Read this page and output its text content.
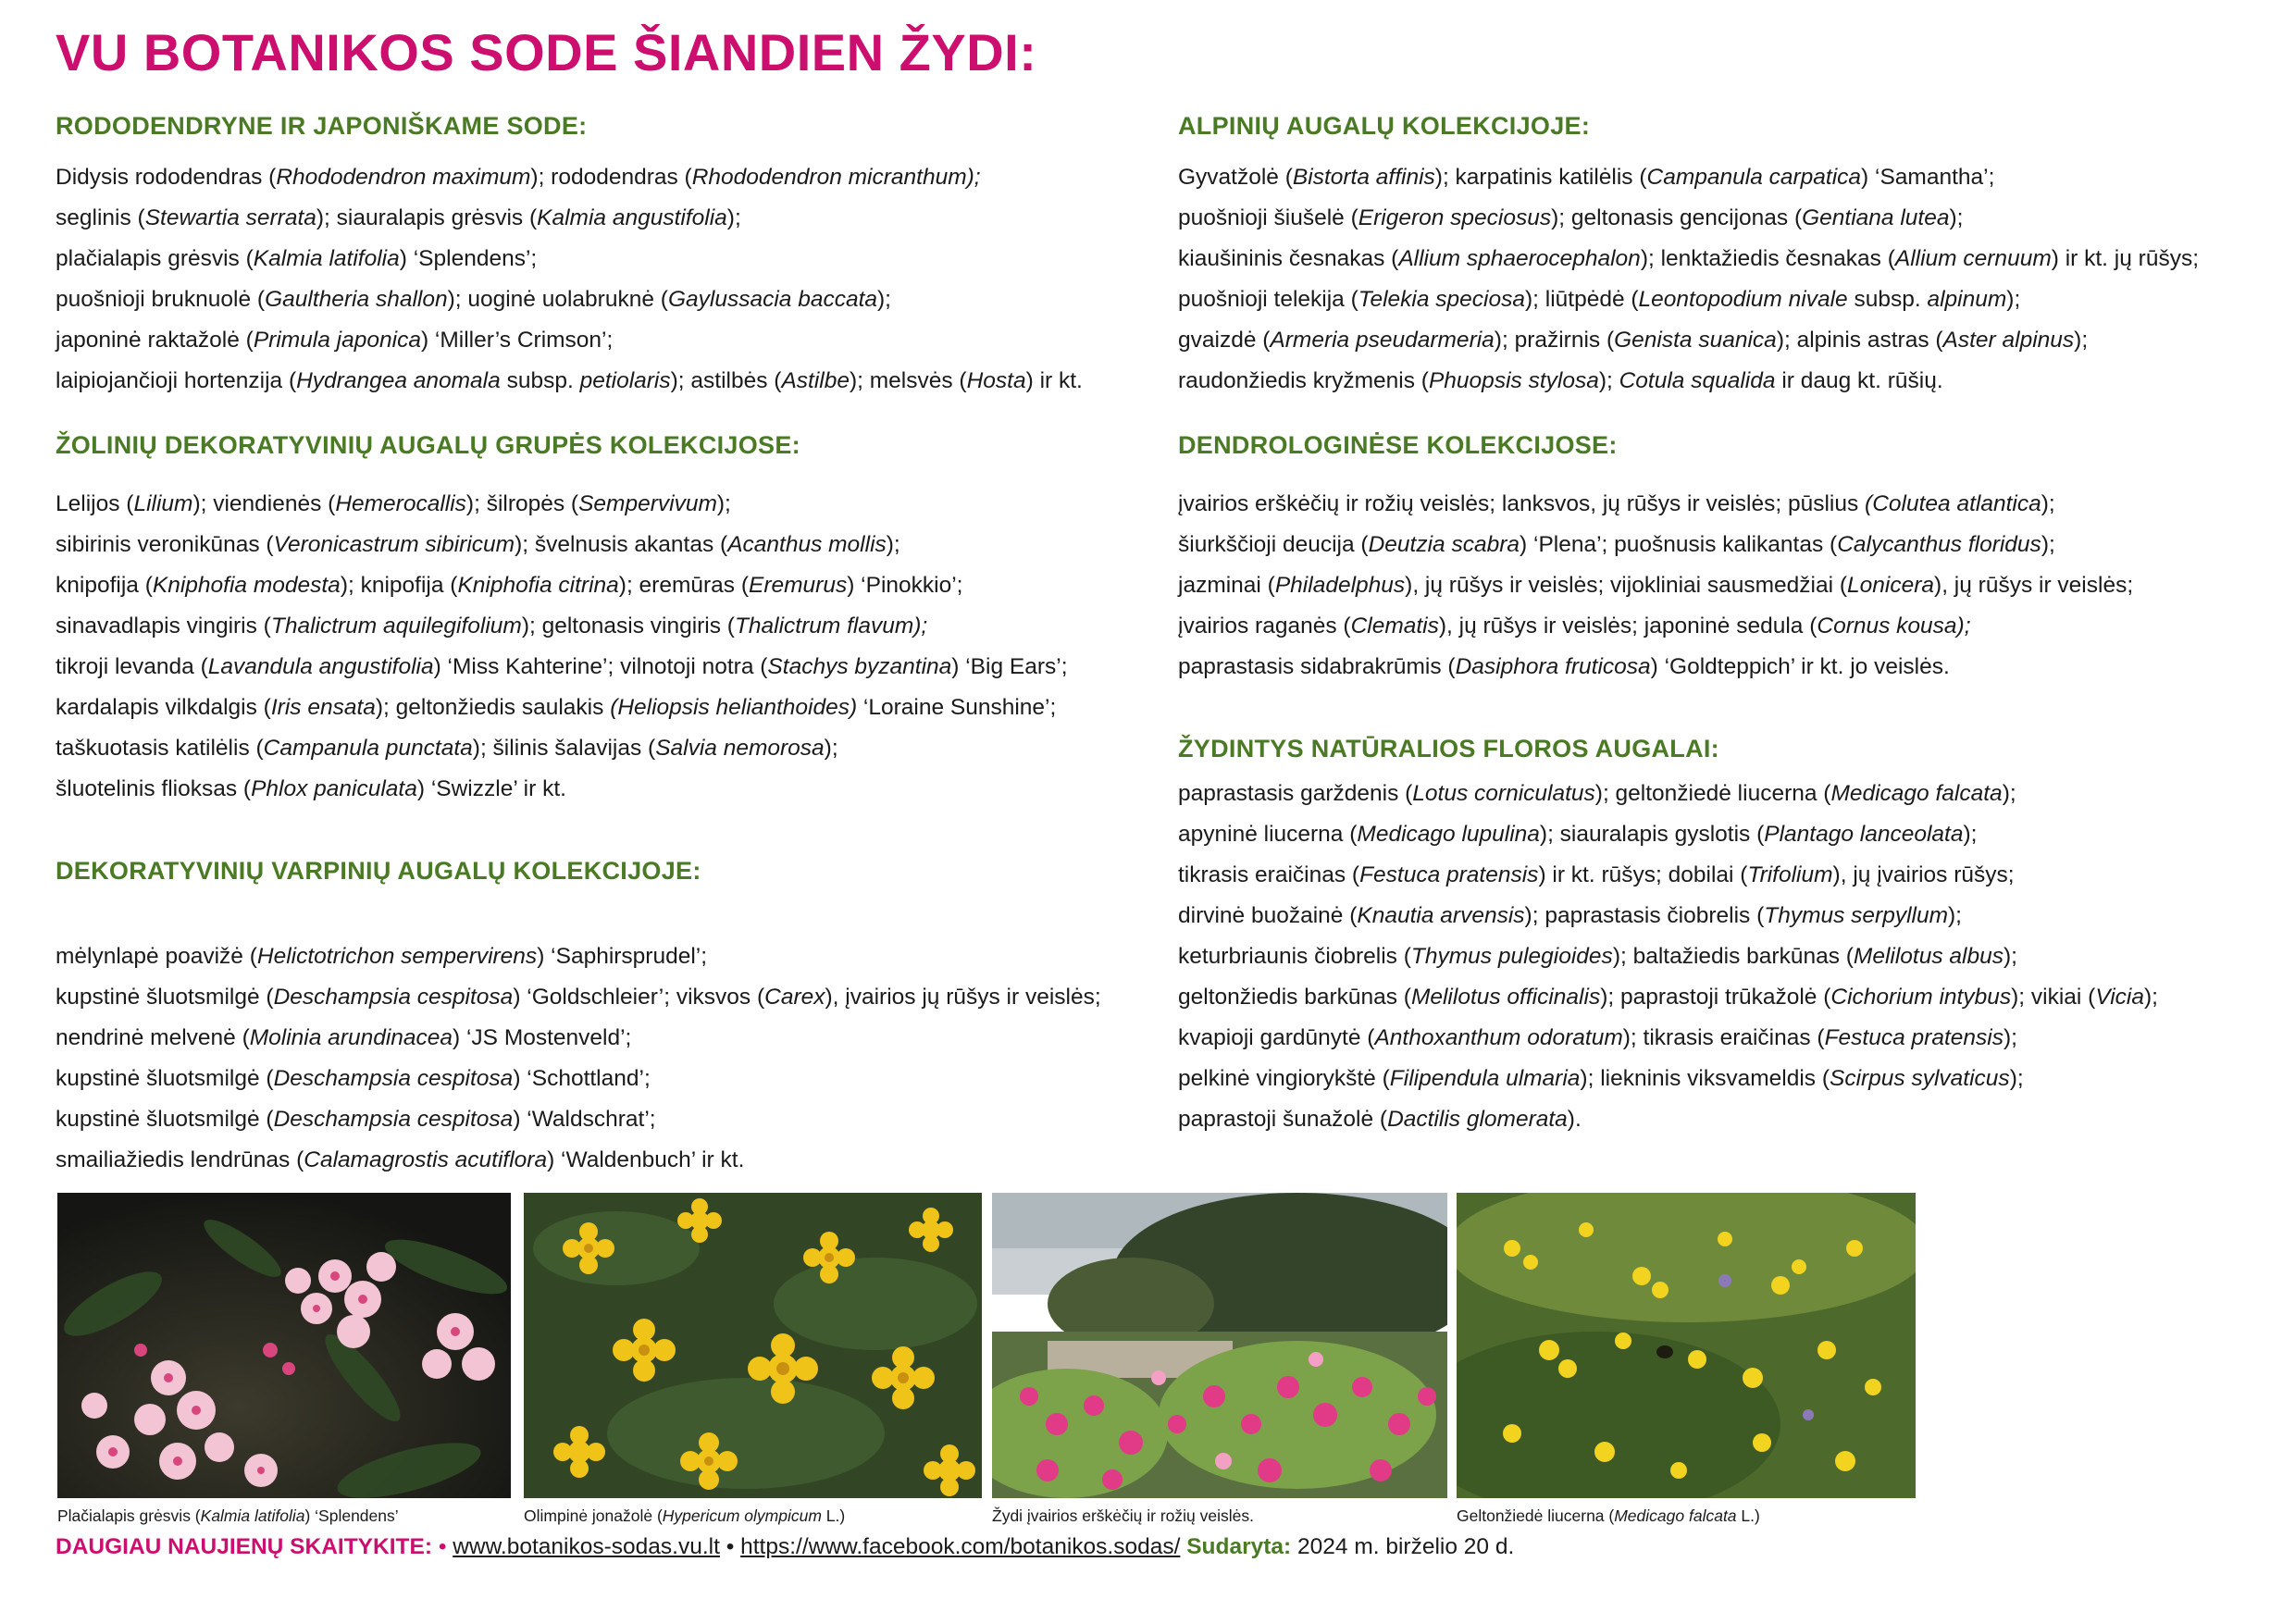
VU BOTANIKOS SODE ŠIANDIEN ŽYDI:
RODODENDRYNE IR JAPONIŠKAME SODE:
Didysis rododendras (Rhododendron maximum); rododendras (Rhododendron micranthum);
seglinis (Stewartia serrata); siauralapis grėsvis (Kalmia angustifolia);
plačialapis grėsvis (Kalmia latifolia) ‘Splendens’;
puošnioji bruknuolė (Gaultheria shallon); uoginė uolabruknė (Gaylussacia baccata);
japoninė raktažolė (Primula japonica) ‘Miller’s Crimson’;
laipiojančioji hortenzija (Hydrangea anomala subsp. petiolaris); astilbės (Astilbe); melsvės (Hosta) ir kt.
ŽOLINIŲ DEKORATYVINIŲ AUGALŲ GRUPĖS KOLEKCIJOSE:
Lelijos (Lilium); viendienės (Hemerocallis); šilropės (Sempervivum);
sibirinis veronikūnas (Veronicastrum sibiricum); švelnusis akantas (Acanthus mollis);
knipofija (Kniphofia modesta); knipofija (Kniphofia citrina); eremūras (Eremurus) ‘Pinokkio’;
sinavadlapis vingiris (Thalictrum aquilegifolium); geltonasis vingiris (Thalictrum flavum);
tikroji levanda (Lavandula angustifolia) ‘Miss Kahterine’; vilnotoji notra (Stachys byzantina) ‘Big Ears’;
kardalapis vilkdalgis (Iris ensata); geltonžiedis saulakis (Heliopsis helianthoides) ‘Loraine Sunshine’;
taškuotasis katilėlis (Campanula punctata); šilinis šalavijas (Salvia nemorosa);
šluotelinis flioksas (Phlox paniculata) ‘Swizzle’ ir kt.
DEKORATYVINIŲ VARPINIŲ AUGALŲ KOLEKCIJOJE:
mėlynlapė poavižė (Helictotrichon sempervirens) ‘Saphirsprudel’;
kupstinė šluotsmilgė (Deschampsia cespitosa) ‘Goldschleier’; viksvos (Carex), įvairios jų rūšys ir veislės;
nendrinė melvenė (Molinia arundinacea) ‘JS Mostenveld’;
kupstinė šluotsmilgė (Deschampsia cespitosa) ‘Schottland’;
kupstinė šluotsmilgė (Deschampsia cespitosa) ‘Waldschrat’;
smailiažiedis lendrūnas (Calamagrostis acutiflora) ‘Waldenbuch’ ir kt.
ALPINIŲ AUGALŲ KOLEKCIJOJE:
Gyvatžolė (Bistorta affinis); karpatinis katilėlis (Campanula carpatica) ‘Samantha’;
puošnioji šiušelė (Erigeron speciosus); geltonasis gencijonas (Gentiana lutea);
kiaušininis česnakas (Allium sphaerocephalon); lenktažiedis česnakas (Allium cernuum) ir kt. jų rūšys;
puošnioji telekija (Telekia speciosa); liūtpėdė (Leontopodium nivale subsp. alpinum);
gvaizdė (Armeria pseudarmeria); pražirnis (Genista suanica); alpinis astras (Aster alpinus);
raudonžiedis kryžmenis (Phuopsis stylosa); Cotula squalida ir daug kt. rūšių.
DENDROLOGINĖSE KOLEKCIJOSE:
įvairios erškėčių ir rožių veislės; lanksvos, jų rūšys ir veislės; pūslius (Colutea atlantica);
šiurkščioji deucija (Deutzia scabra) ‘Plena’; puošnusis kalikantas (Calycanthus floridus);
jazminai (Philadelphus), jų rūšys ir veislės; vijokliniai sausmedžiai (Lonicera), jų rūšys ir veislės;
įvairios raganės (Clematis), jų rūšys ir veislės; japoninė sedula (Cornus kousa);
paprastasis sidabrakrūmis (Dasiphora fruticosa) ‘Goldteppich’ ir kt. jo veislės.
ŽYDINTYS NATŪRALIOS FLOROS AUGALAI:
paprastasis garždenis (Lotus corniculatus); geltonžiedė liucerna (Medicago falcata);
apyninė liucerna (Medicago lupulina); siauralapis gyslotis (Plantago lanceolata);
tikrasis eraičinas (Festuca pratensis) ir kt. rūšys; dobilai (Trifolium), jų įvairios rūšys;
dirvinė buožainė (Knautia arvensis); paprastasis čiobrelis (Thymus serpyllum);
keturbriaunis čiobrelis (Thymus pulegioides); baltažiedis barkūnas (Melilotus albus);
geltonžiedis barkūnas (Melilotus officinalis); paprastoji trūkažolė (Cichorium intybus); vikiai (Vicia);
kvapioji gardūnytė (Anthoxanthum odoratum); tikrasis eraičinas (Festuca pratensis);
pelkinė vingiorykštė (Filipendula ulmaria); liekninis viksvameldis (Scirpus sylvaticus);
paprastoji šunažolė (Dactilis glomerata).
Plačialapis grėsvis (Kalmia latifolia) ‘Splendens’	Olimpinė jonažolė (Hypericum olympicum L.)	Žydi įvairios erškėčių ir rožių veislės.	Geltonžiedė liucerna (Medicago falcata L.)
DAUGIAU NAUJIENŲ SKAITYKITE: • www.botanikos-sodas.vu.lt • https://www.facebook.com/botanikos.sodas/ Sudaryta: 2024 m. birželio 20 d.
